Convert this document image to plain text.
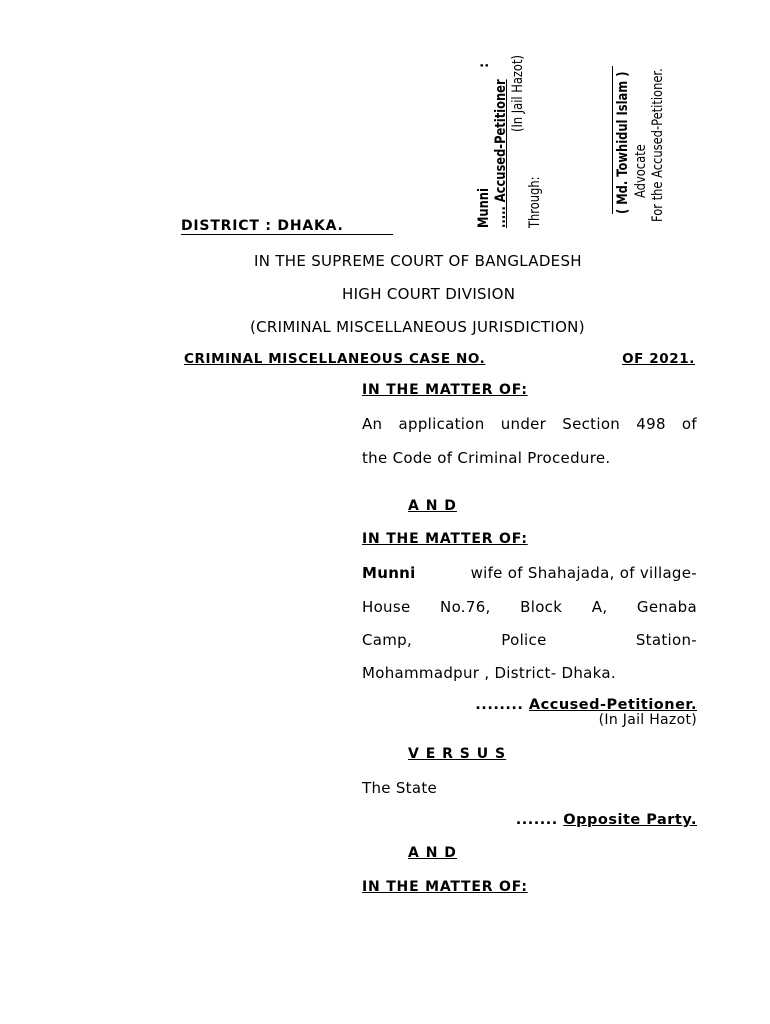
:
Munni ..... Accused-Petitioner (In Jail Hazot)
Through:	( Md. Towhidul Islam ) Advocate For the Accused-Petitioner.
DISTRICT : DHAKA.
IN THE SUPREME COURT OF BANGLADESH
HIGH COURT DIVISION
(CRIMINAL MISCELLANEOUS JURISDICTION)
CRIMINAL MISCELLANEOUS CASE NO.	OF 2021.
IN THE MATTER OF:
An application under Section 498 of
the Code of Criminal Procedure.
A N D
IN THE MATTER OF:
Munni	wife of Shahajada, of village-
House No.76, Block A, Genaba
Camp, Police Station-
Mohammadpur , District- Dhaka.
........ Accused-Petitioner.
(In Jail Hazot)
V E R S U S
The State
....... Opposite Party.
A N D
IN THE MATTER OF:
